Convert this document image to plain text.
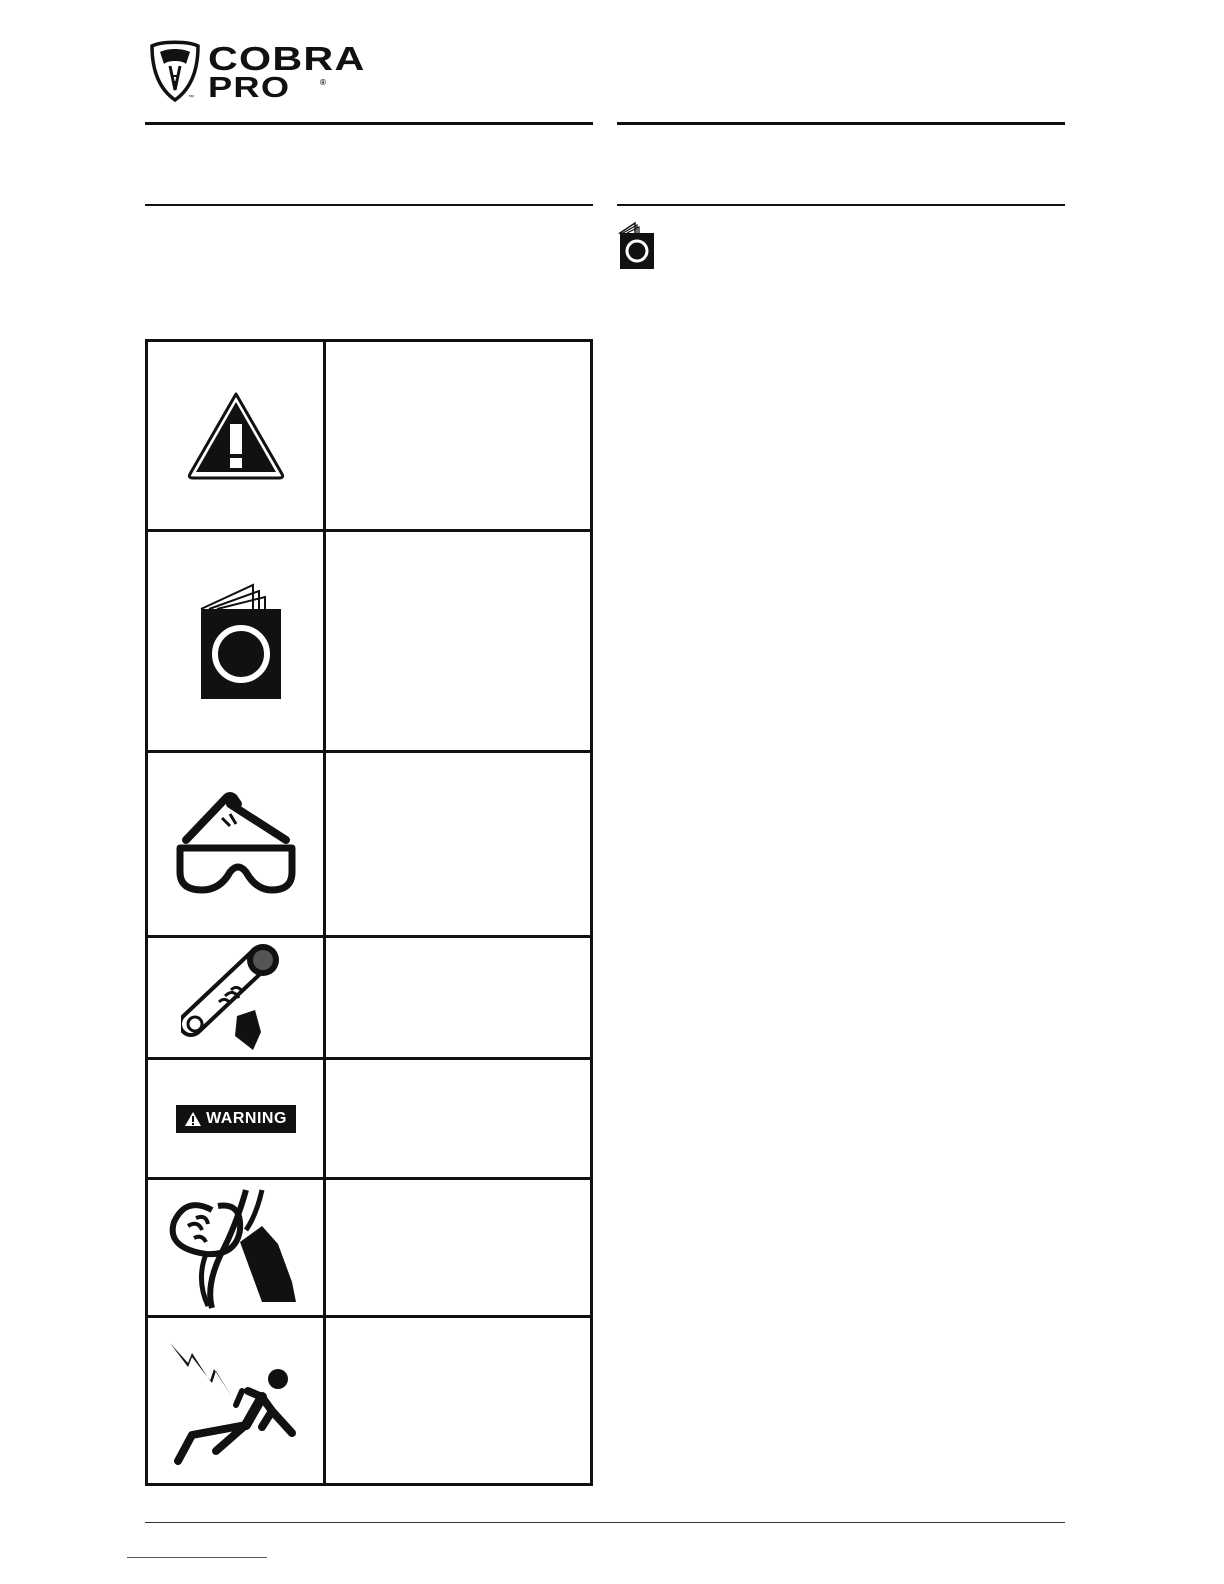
™
COBRA
PRO	®
WARNING
